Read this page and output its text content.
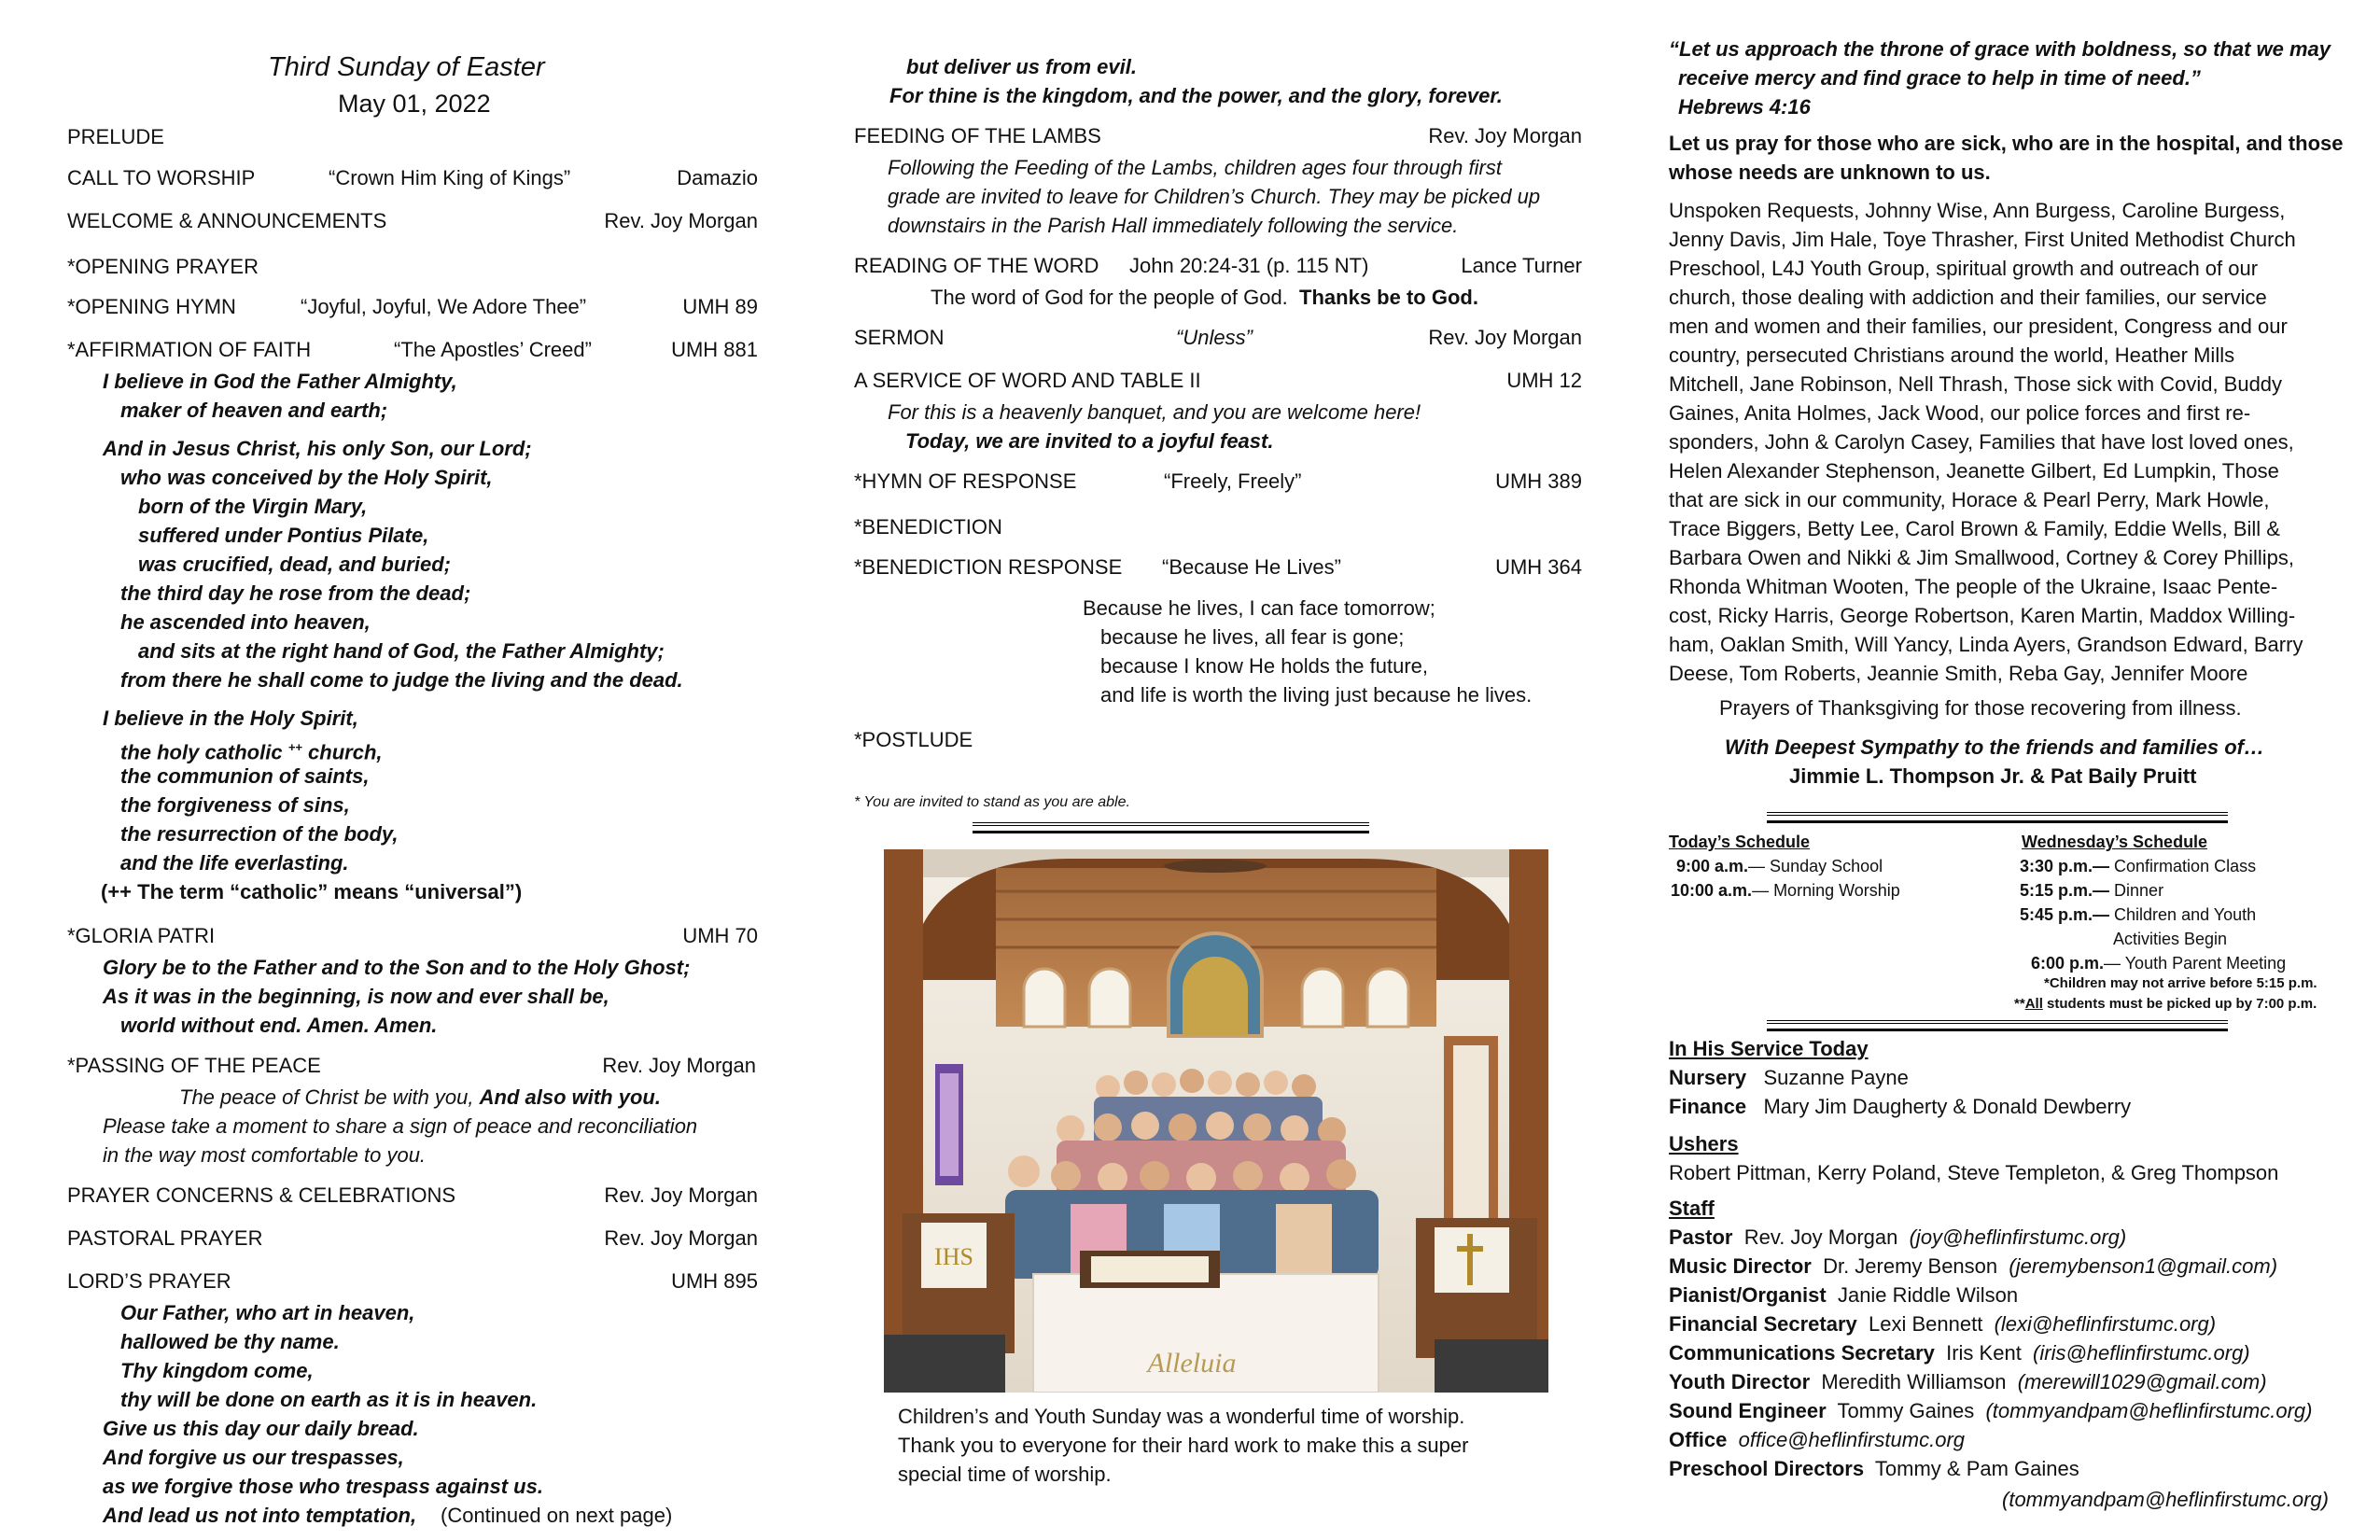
Third Sunday of Easter
May 01, 2022
PRELUDE
CALL TO WORSHIP	“Crown Him King of Kings”	Damazio
WELCOME & ANNOUNCEMENTS	Rev. Joy Morgan
*OPENING PRAYER
*OPENING HYMN	“Joyful, Joyful, We Adore Thee”	UMH 89
*AFFIRMATION OF FAITH	“The Apostles’ Creed”	UMH 881
I believe in God the Father Almighty,
maker of heaven and earth;
And in Jesus Christ, his only Son, our Lord;
who was conceived by the Holy Spirit,
born of the Virgin Mary,
suffered under Pontius Pilate,
was crucified, dead, and buried;
the third day he rose from the dead;
he ascended into heaven,
and sits at the right hand of God, the Father Almighty;
from there he shall come to judge the living and the dead.
I believe in the Holy Spirit,
the holy catholic ++ church,
the communion of saints,
the forgiveness of sins,
the resurrection of the body,
and the life everlasting.
(++ The term “catholic” means “universal”)
*GLORIA PATRI	UMH 70
Glory be to the Father and to the Son and to the Holy Ghost;
As it was in the beginning, is now and ever shall be,
world without end. Amen. Amen.
*PASSING OF THE PEACE	Rev. Joy Morgan
The peace of Christ be with you, And also with you.
Please take a moment to share a sign of peace and reconciliation
in the way most comfortable to you.
PRAYER CONCERNS & CELEBRATIONS	Rev. Joy Morgan
PASTORAL PRAYER	Rev. Joy Morgan
LORD’S PRAYER	UMH 895
Our Father, who art in heaven,
hallowed be thy name.
Thy kingdom come,
thy will be done on earth as it is in heaven.
Give us this day our daily bread.
And forgive us our trespasses,
as we forgive those who trespass against us.
And lead us not into temptation, (Continued on next page)
but deliver us from evil.
For thine is the kingdom, and the power, and the glory, forever.
FEEDING OF THE LAMBS	Rev. Joy Morgan
Following the Feeding of the Lambs, children ages four through first
grade are invited to leave for Children’s Church. They may be picked up
downstairs in the Parish Hall immediately following the service.
READING OF THE WORD John 20:24-31 (p. 115 NT)	Lance Turner
The word of God for the people of God. Thanks be to God.
SERMON	“Unless”	Rev. Joy Morgan
A SERVICE OF WORD AND TABLE II	UMH 12
For this is a heavenly banquet, and you are welcome here!
Today, we are invited to a joyful feast.
*HYMN OF RESPONSE	“Freely, Freely”	UMH 389
*BENEDICTION
*BENEDICTION RESPONSE “Because He Lives”	UMH 364
Because he lives, I can face tomorrow;
because he lives, all fear is gone;
because I know He holds the future,
and life is worth the living just because he lives.
*POSTLUDE
* You are invited to stand as you are able.
IHS
Alleluia
Children’s and Youth Sunday was a wonderful time of worship.
Thank you to everyone for their hard work to make this a super
special time of worship.
“Let us approach the throne of grace with boldness, so that we may
receive mercy and find grace to help in time of need.”
Hebrews 4:16
Let us pray for those who are sick, who are in the hospital, and those
whose needs are unknown to us.
Unspoken Requests, Johnny Wise, Ann Burgess, Caroline Burgess,
Jenny Davis, Jim Hale, Toye Thrasher, First United Methodist Church
Preschool, L4J Youth Group, spiritual growth and outreach of our
church, those dealing with addiction and their families, our service
men and women and their families, our president, Congress and our
country, persecuted Christians around the world, Heather Mills
Mitchell, Jane Robinson, Nell Thrash, Those sick with Covid, Buddy
Gaines, Anita Holmes, Jack Wood, our police forces and first re-
sponders, John & Carolyn Casey, Families that have lost loved ones,
Helen Alexander Stephenson, Jeanette Gilbert, Ed Lumpkin, Those
that are sick in our community, Horace & Pearl Perry, Mark Howle,
Trace Biggers, Betty Lee, Carol Brown & Family, Eddie Wells, Bill &
Barbara Owen and Nikki & Jim Smallwood, Cortney & Corey Phillips,
Rhonda Whitman Wooten, The people of the Ukraine, Isaac Pente-
cost, Ricky Harris, George Robertson, Karen Martin, Maddox Willing-
ham, Oaklan Smith, Will Yancy, Linda Ayers, Grandson Edward, Barry
Deese, Tom Roberts, Jeannie Smith, Reba Gay, Jennifer Moore
Prayers of Thanksgiving for those recovering from illness.
With Deepest Sympathy to the friends and families of…
Jimmie L. Thompson Jr. & Pat Baily Pruitt
Today’s Schedule
9:00 a.m.— Sunday School
10:00 a.m.— Morning Worship
Wednesday’s Schedule
3:30 p.m.— Confirmation Class
5:15 p.m.— Dinner
5:45 p.m.— Children and Youth
Activities Begin
6:00 p.m.— Youth Parent Meeting
*Children may not arrive before 5:15 p.m.
**All students must be picked up by 7:00 p.m.
In His Service Today
Nursery Suzanne Payne
Finance Mary Jim Daugherty & Donald Dewberry
Ushers
Robert Pittman, Kerry Poland, Steve Templeton, & Greg Thompson
Staff
Pastor Rev. Joy Morgan (joy@heflinfirstumc.org)
Music Director Dr. Jeremy Benson (jeremybenson1@gmail.com)
Pianist/Organist Janie Riddle Wilson
Financial Secretary Lexi Bennett (lexi@heflinfirstumc.org)
Communications Secretary Iris Kent (iris@heflinfirstumc.org)
Youth Director Meredith Williamson (merewill1029@gmail.com)
Sound Engineer Tommy Gaines (tommyandpam@heflinfirstumc.org)
Office office@heflinfirstumc.org
Preschool Directors Tommy & Pam Gaines
(tommyandpam@heflinfirstumc.org)
